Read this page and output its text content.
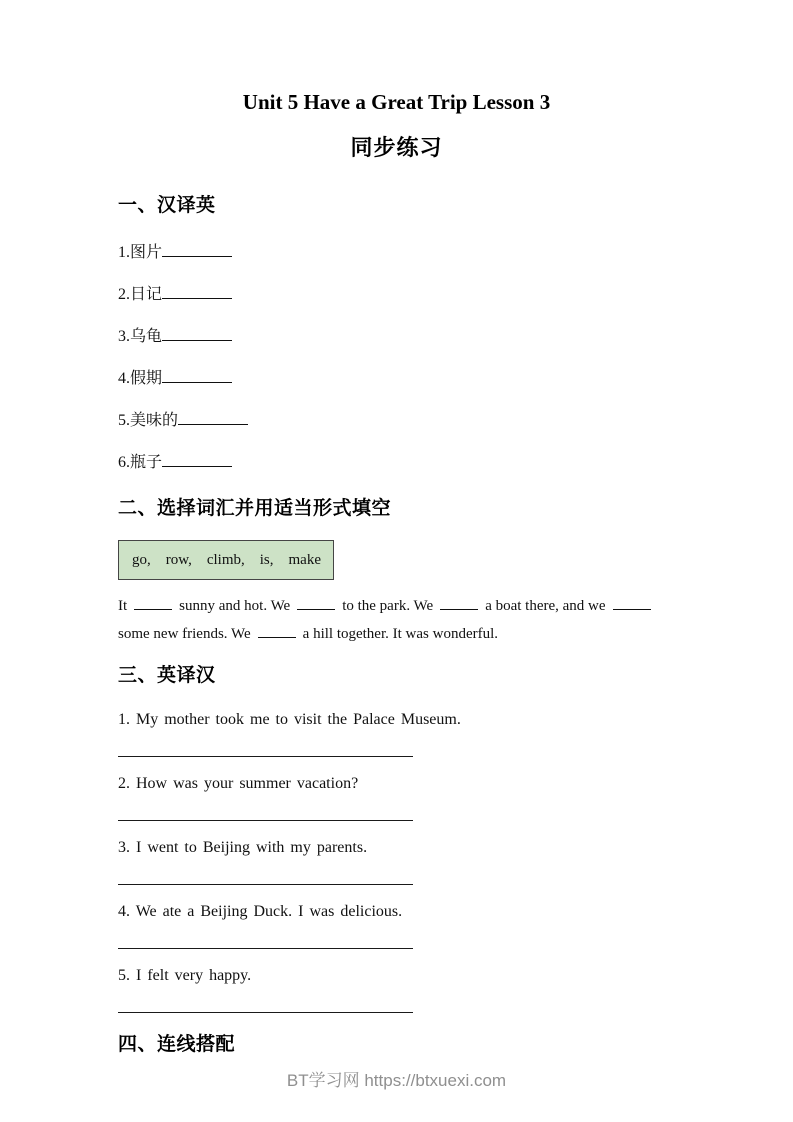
Unit 5 Have a Great Trip Lesson 3
同步练习
一、汉译英
1.图片
2.日记
3.乌龟
4.假期
5.美味的
6.瓶子
二、选择词汇并用适当形式填空
go,    row,    climb,    is,    make
It	sunny and hot. We	to the park. We	a boat there, and we
some new friends. We	a hill together. It was wonderful.
三、英译汉
1. My mother took me to visit the Palace Museum.
2. How was your summer vacation?
3. I went to Beijing with my parents.
4. We ate a Beijing Duck. I was delicious.
5. I felt very happy.
四、连线搭配
BT学习网 https://btxuexi.com
